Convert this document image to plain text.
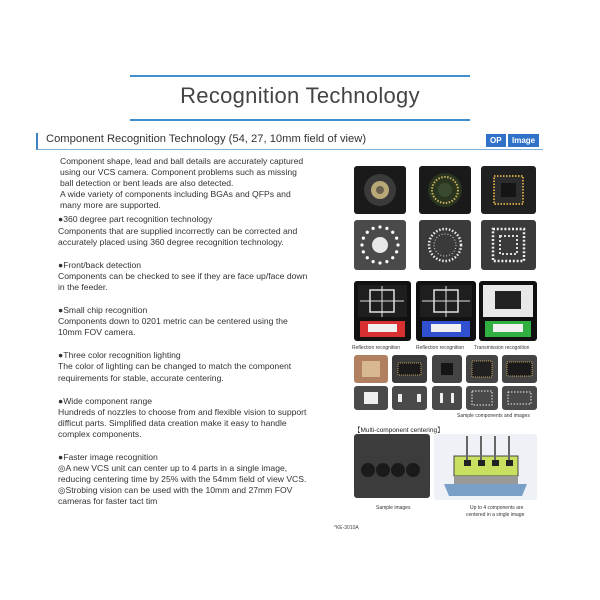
Recognition Technology
Component Recognition Technology (54, 27, 10mm field of view)	OP	Image
Component shape, lead and ball details are accurately captured
using our VCS camera. Component problems such as missing
ball detection or bent leads are also detected.
A wide variety of components including BGAs and QFPs and
many more are supported.
●360 degree part recognition technology
Components that are supplied incorrectly can be corrected and
accurately placed using 360 degree recognition technology.
●Front/back detection
Components can be checked to see if they are face up/face down
in the feeder.
●Small chip recognition
Components down to 0201 metric can be centered using the
10mm FOV camera.
●Three color recognition lighting
The color of lighting can be changed to match the component
requirements for stable, accurate centering.
●Wide component range
Hundreds of nozzles to choose from and flexible vision to support
difficut parts. Simplified data creation make it easy to handle
complex components.
●Faster image recognition
◎A new VCS unit can center up to 4 parts in a single image,
reducing centering time by 25% with the 54mm field of view VCS.
◎Strobing vision can be used with the 10mm and 27mm FOV
cameras for faster tact tim
*KE-3010A
Reflection recognition	Reflection recognition Transmission recognition
Sample components and images
【Multi-component centering】
Sample images	Up to 4 components are
centered in a single image
